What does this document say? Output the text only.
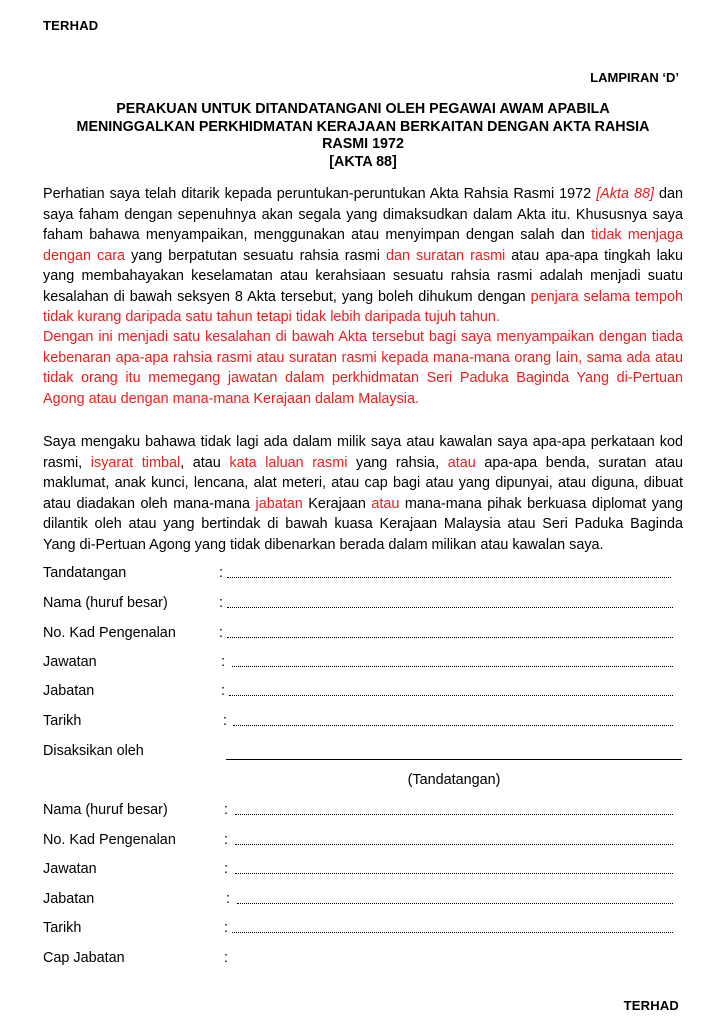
TERHAD
LAMPIRAN ‘D’
PERAKUAN UNTUK DITANDATANGANI OLEH PEGAWAI AWAM APABILA
MENINGGALKAN PERKHIDMATAN KERAJAAN BERKAITAN DENGAN AKTA RAHSIA
RASMI 1972
[AKTA 88]

Perhatian saya telah ditarik kepada peruntukan-peruntukan Akta Rahsia Rasmi 1972 [Akta 88] dan saya faham dengan sepenuhnya akan segala yang dimaksudkan dalam Akta itu. Khususnya saya faham bahawa menyampaikan, menggunakan atau menyimpan dengan salah dan tidak menjaga dengan cara yang berpatutan sesuatu rahsia rasmi dan suratan rasmi atau apa-apa tingkah laku yang membahayakan keselamatan atau kerahsiaan sesuatu rahsia rasmi adalah menjadi suatu kesalahan di bawah seksyen 8 Akta tersebut, yang boleh dihukum dengan penjara selama tempoh tidak kurang daripada satu tahun tetapi tidak lebih daripada tujuh tahun.

Dengan ini menjadi satu kesalahan di bawah Akta tersebut bagi saya menyampaikan dengan tiada kebenaran apa-apa rahsia rasmi atau suratan rasmi kepada mana-mana orang lain, sama ada atau tidak orang itu memegang jawatan dalam perkhidmatan Seri Paduka Baginda Yang di-Pertuan Agong atau dengan mana-mana Kerajaan dalam Malaysia.

Saya mengaku bahawa tidak lagi ada dalam milik saya atau kawalan saya apa-apa perkataan kod rasmi, isyarat timbal, atau kata laluan rasmi yang rahsia, atau apa-apa benda, suratan atau maklumat, anak kunci, lencana, alat meteri, atau cap bagi atau yang dipunyai, atau diguna, dibuat atau diadakan oleh mana-mana jabatan Kerajaan atau mana-mana pihak berkuasa diplomat yang dilantik oleh atau yang bertindak di bawah kuasa Kerajaan Malaysia atau Seri Paduka Baginda Yang di-Pertuan Agong yang tidak dibenarkan berada dalam milikan atau kawalan saya.

Tandatangan	:
Nama (huruf besar)	:
No. Kad Pengenalan	:
Jawatan	:
Jabatan	:
Tarikh	:
Disaksikan oleh
(Tandatangan)
Nama (huruf besar)	:
No. Kad Pengenalan	:
Jawatan	:
Jabatan	:
Tarikh	:
Cap Jabatan	:
TERHAD
